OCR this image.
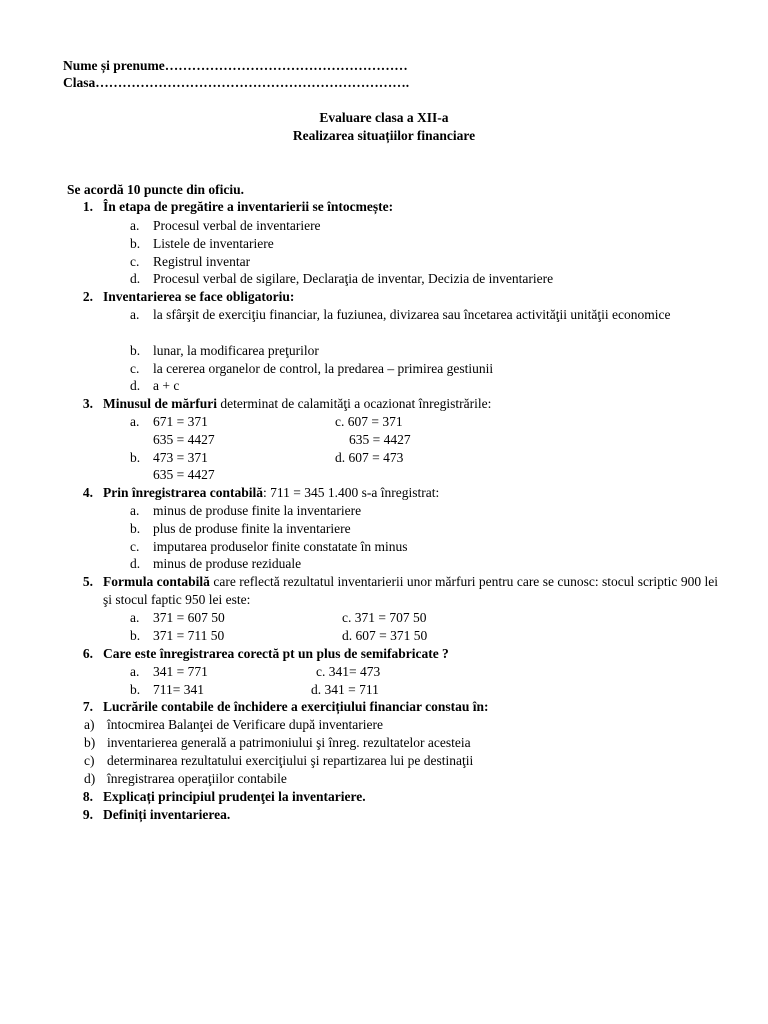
Nume și prenume………………………………………………
Clasa…………………………………………………………….
Evaluare clasa a XII-a
Realizarea situațiilor financiare
Se acordă 10 puncte din oficiu.
1. În etapa de pregătire a inventarierii se întocmește:
a. Procesul verbal de inventariere
b. Listele de inventariere
c. Registrul inventar
d. Procesul verbal de sigilare, Declaraţia de inventar, Decizia de inventariere
2. Inventarierea se face obligatoriu:
a. la sfârşit de exerciţiu financiar, la fuziunea, divizarea sau încetarea activităţii unităţii economice
b. lunar, la modificarea preţurilor
c. la cererea organelor de control, la predarea – primirea gestiunii
d. a + c
3. Minusul de mărfuri determinat de calamităţi a ocazionat înregistrările:
a. 671 = 371	c. 607 = 371
635 = 4427	635 = 4427
b. 473 = 371	d. 607 = 473
635 = 4427
4. Prin înregistrarea contabilă: 711 = 345 1.400 s-a înregistrat:
a. minus de produse finite la inventariere
b. plus de produse finite la inventariere
c. imputarea produselor finite constatate în minus
d. minus de produse reziduale
5. Formula contabilă care reflectă rezultatul inventarierii unor mărfuri pentru care se cunosc: stocul scriptic 900 lei şi stocul faptic 950 lei este:
a. 371 = 607 50	c. 371 = 707 50
b. 371 = 711 50	d. 607 = 371 50
6. Care este înregistrarea corectă pt un plus de semifabricate ?
a. 341 = 771	c. 341= 473
b. 711= 341	d. 341 = 711
7. Lucrările contabile de închidere a exercițiului financiar constau în:
a) întocmirea Balanţei de Verificare după inventariere
b) inventarierea generală a patrimoniului şi înreg. rezultatelor acesteia
c) determinarea rezultatului exerciţiului şi repartizarea lui pe destinaţii
d) înregistrarea operaţiilor contabile
8. Explicați principiul prudenţei la inventariere.
9. Definiți inventarierea.
